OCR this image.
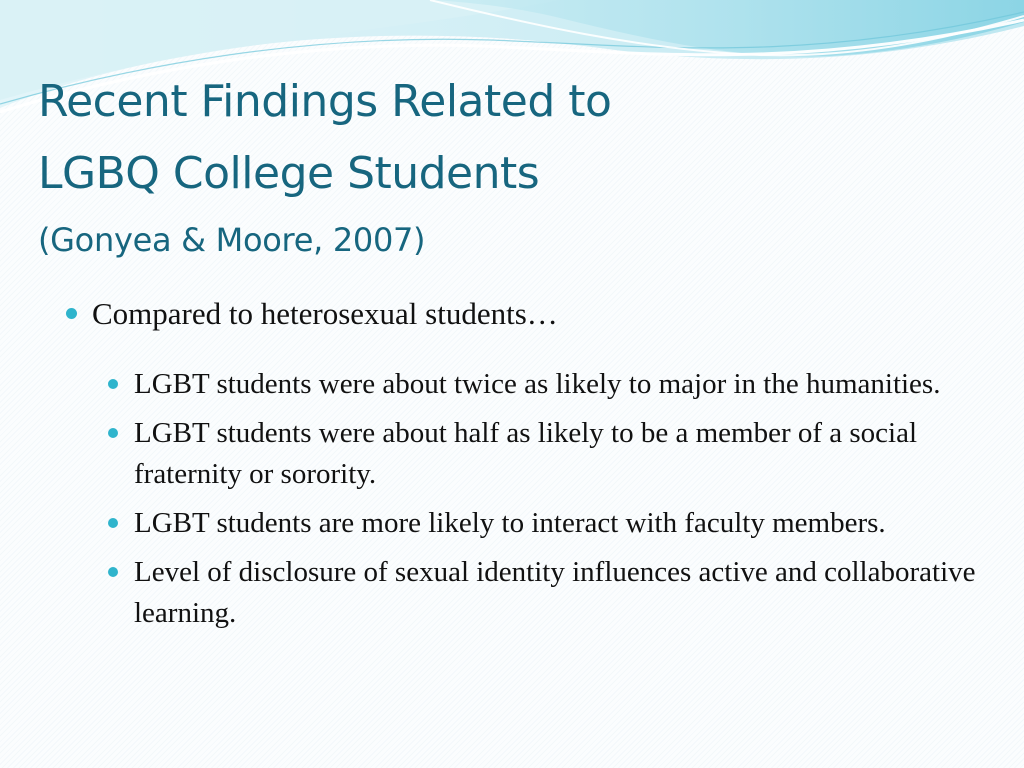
Recent Findings Related to
LGBQ College Students
(Gonyea & Moore, 2007)
Compared to heterosexual students…
LGBT students were about twice as likely to major in the humanities.
LGBT students were about half as likely to be a member of a social fraternity or sorority.
LGBT students are more likely to interact with faculty members.
Level of disclosure of sexual identity influences active and collaborative learning.
